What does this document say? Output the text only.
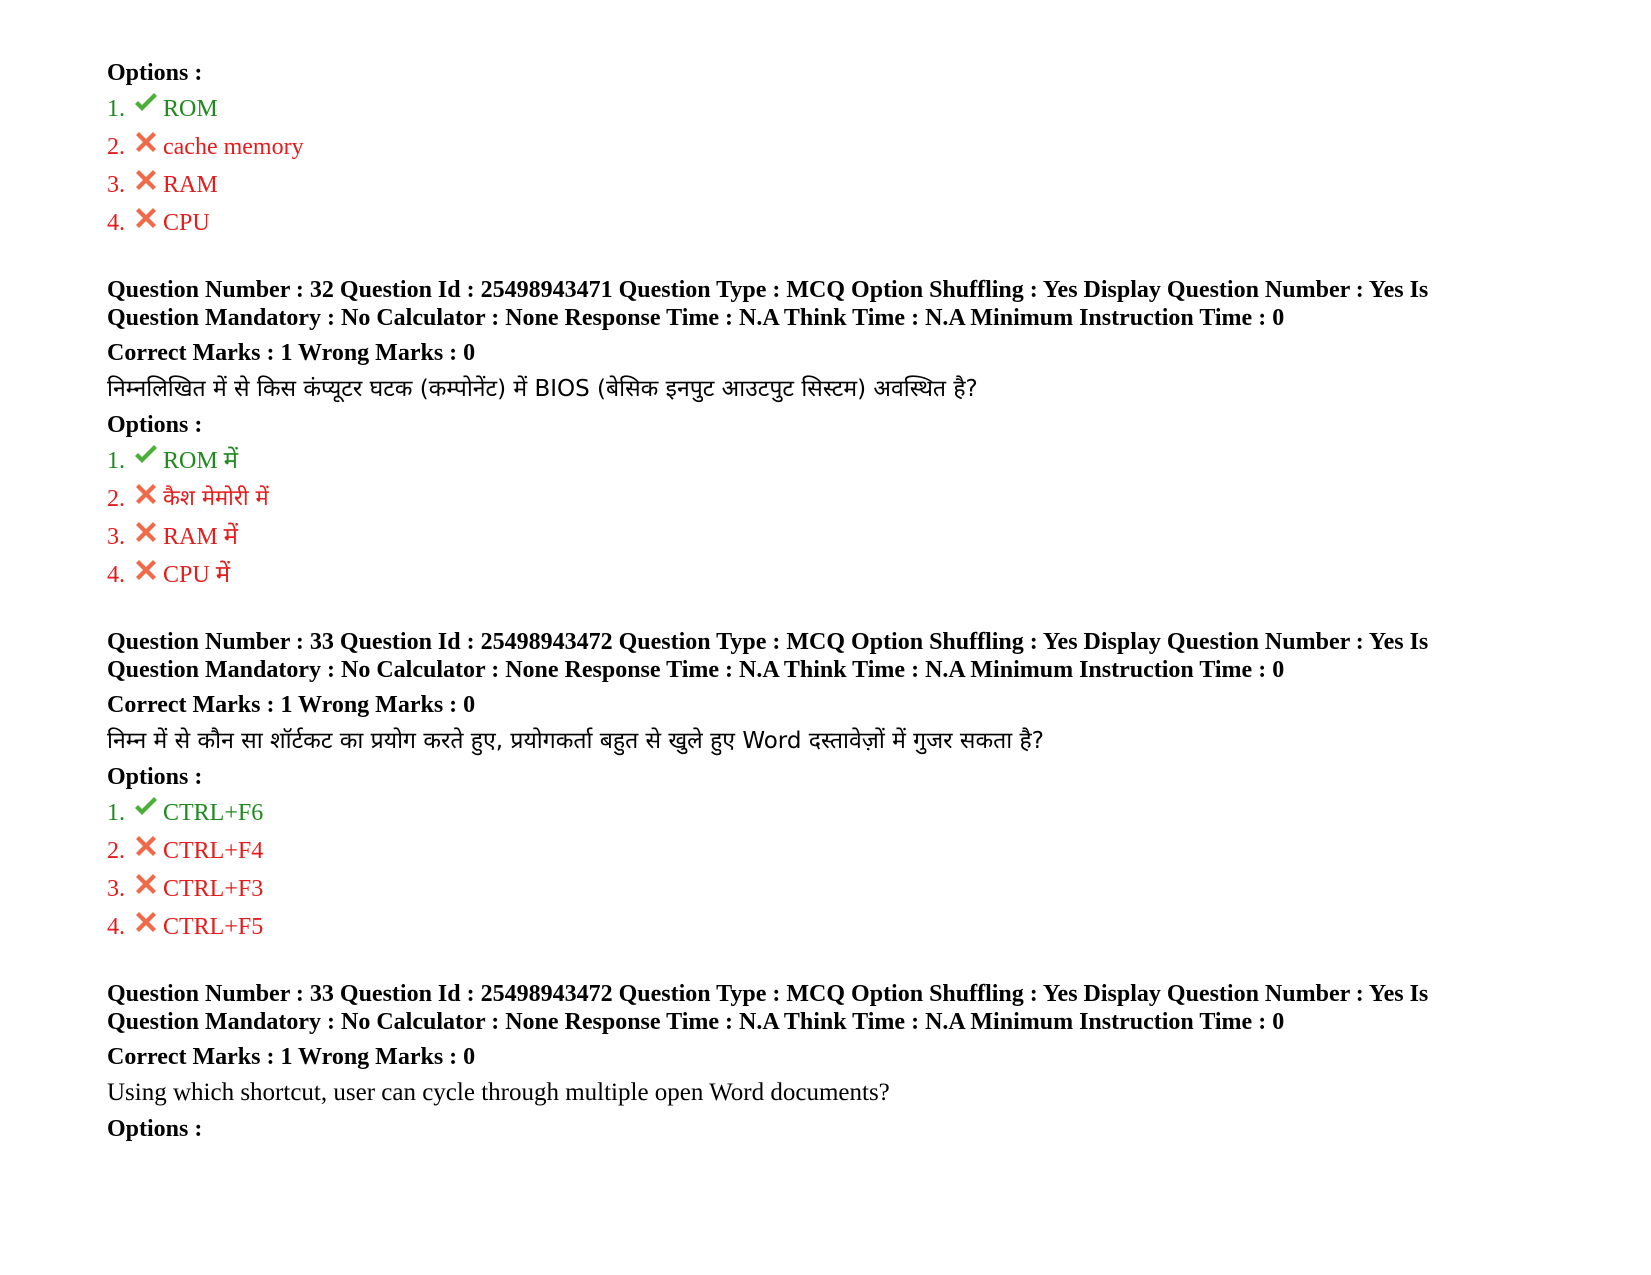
Options :

1.	ROM
2.	cache memory
3.	RAM
4.	CPU

Question Number : 32 Question Id : 25498943471 Question Type : MCQ Option Shuffling : Yes Display Question Number : Yes Is
Question Mandatory : No Calculator : None Response Time : N.A Think Time : N.A Minimum Instruction Time : 0

Correct Marks : 1 Wrong Marks : 0

निम्नलिखित में से किस कंप्यूटर घटक (कम्पोनेंट) में BIOS (बेसिक इनपुट आउटपुट सिस्टम) अवस्थित है?

Options :

1.	ROM में
2.	कैश मेमोरी में
3.	RAM में
4.	CPU में

Question Number : 33 Question Id : 25498943472 Question Type : MCQ Option Shuffling : Yes Display Question Number : Yes Is
Question Mandatory : No Calculator : None Response Time : N.A Think Time : N.A Minimum Instruction Time : 0

Correct Marks : 1 Wrong Marks : 0

निम्न में से कौन सा शॉर्टकट का प्रयोग करते हुए, प्रयोगकर्ता बहुत से खुले हुए Word दस्तावेज़ों में गुजर सकता है?

Options :

1.	CTRL+F6
2.	CTRL+F4
3.	CTRL+F3
4.	CTRL+F5

Question Number : 33 Question Id : 25498943472 Question Type : MCQ Option Shuffling : Yes Display Question Number : Yes Is
Question Mandatory : No Calculator : None Response Time : N.A Think Time : N.A Minimum Instruction Time : 0

Correct Marks : 1 Wrong Marks : 0

Using which shortcut, user can cycle through multiple open Word documents?

Options :
